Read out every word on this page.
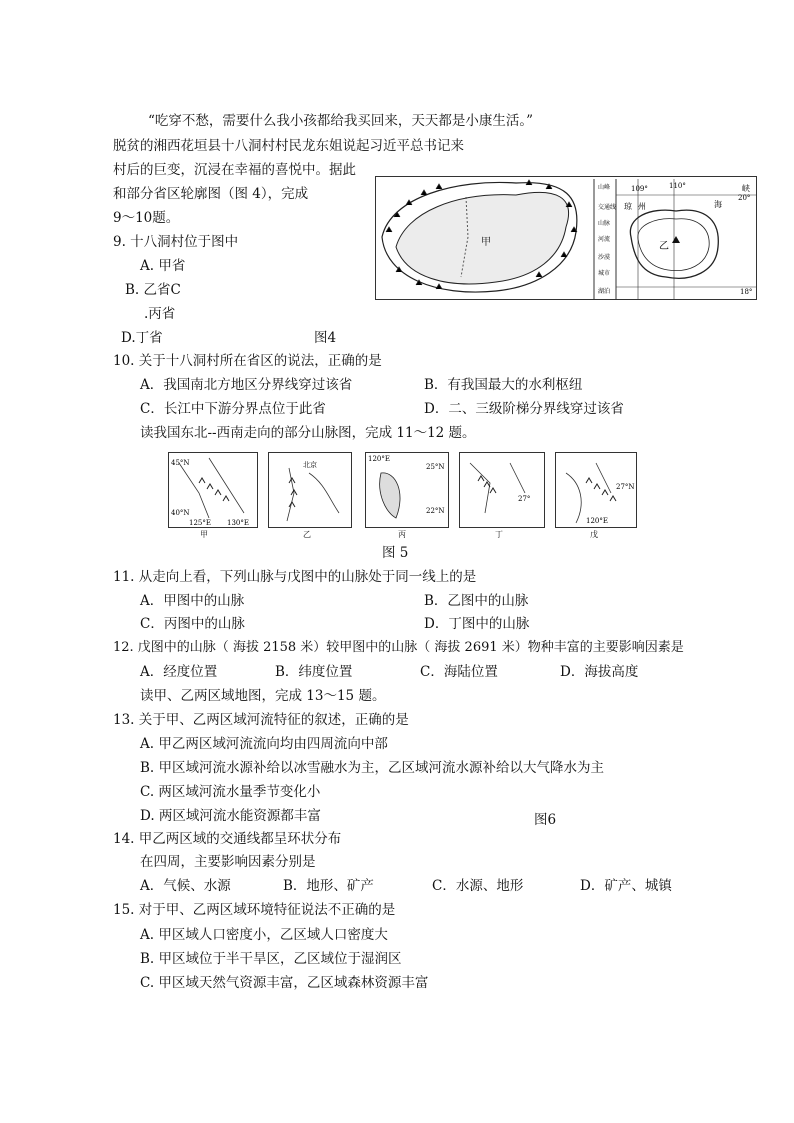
“吃穿不愁，需要什么我小孩都给我买回来，天天都是小康生活。”
脱贫的湘西花垣县十八洞村村民龙东姐说起习近平总书记来
村后的巨变，沉浸在幸福的喜悦中。据此
和部分省区轮廓图（图 4），完成
9～10题。
9. 十八洞村位于图中
A. 甲省
B. 乙省C
.丙省
D.丁省	图4
甲
山峰
交通线
山脉
河流
沙漠
城市
湖泊
乙
109°	110°
20°
18°
琼 州	海
峡
10. 关于十八洞村所在省区的说法，正确的是
A．我国南北方地区分界线穿过该省	B．有我国最大的水利枢纽
C．长江中下游分界点位于此省	D．二、三级阶梯分界线穿过该省
读我国东北--西南走向的部分山脉图，完成 11～12 题。
45°N
125°E 130°E
40°N
北京
120°E
25°N
22°N
27°
27°N
120°E
甲	乙	丙	丁	戊
图 5
11. 从走向上看，下列山脉与戊图中的山脉处于同一线上的是
A．甲图中的山脉	B．乙图中的山脉
C．丙图中的山脉	D．丁图中的山脉
12. 戊图中的山脉（ 海拔 2158 米）较甲图中的山脉（ 海拔 2691 米）物种丰富的主要影响因素是
A．经度位置	B．纬度位置	C．海陆位置	D．海拔高度
读甲、乙两区域地图，完成 13～15 题。
13. 关于甲、乙两区域河流特征的叙述，正确的是
A. 甲乙两区域河流流向均由四周流向中部
B. 甲区域河流水源补给以冰雪融水为主，乙区域河流水源补给以大气降水为主
C. 两区域河流水量季节变化小
D. 两区域河流水能资源都丰富	图6
14. 甲乙两区域的交通线都呈环状分布
在四周，主要影响因素分别是
A．气候、水源	B．地形、矿产	C．水源、地形	D．矿产、城镇
15. 对于甲、乙两区域环境特征说法不正确的是
A. 甲区域人口密度小，乙区域人口密度大
B. 甲区域位于半干旱区，乙区域位于湿润区
C. 甲区域天然气资源丰富，乙区域森林资源丰富
